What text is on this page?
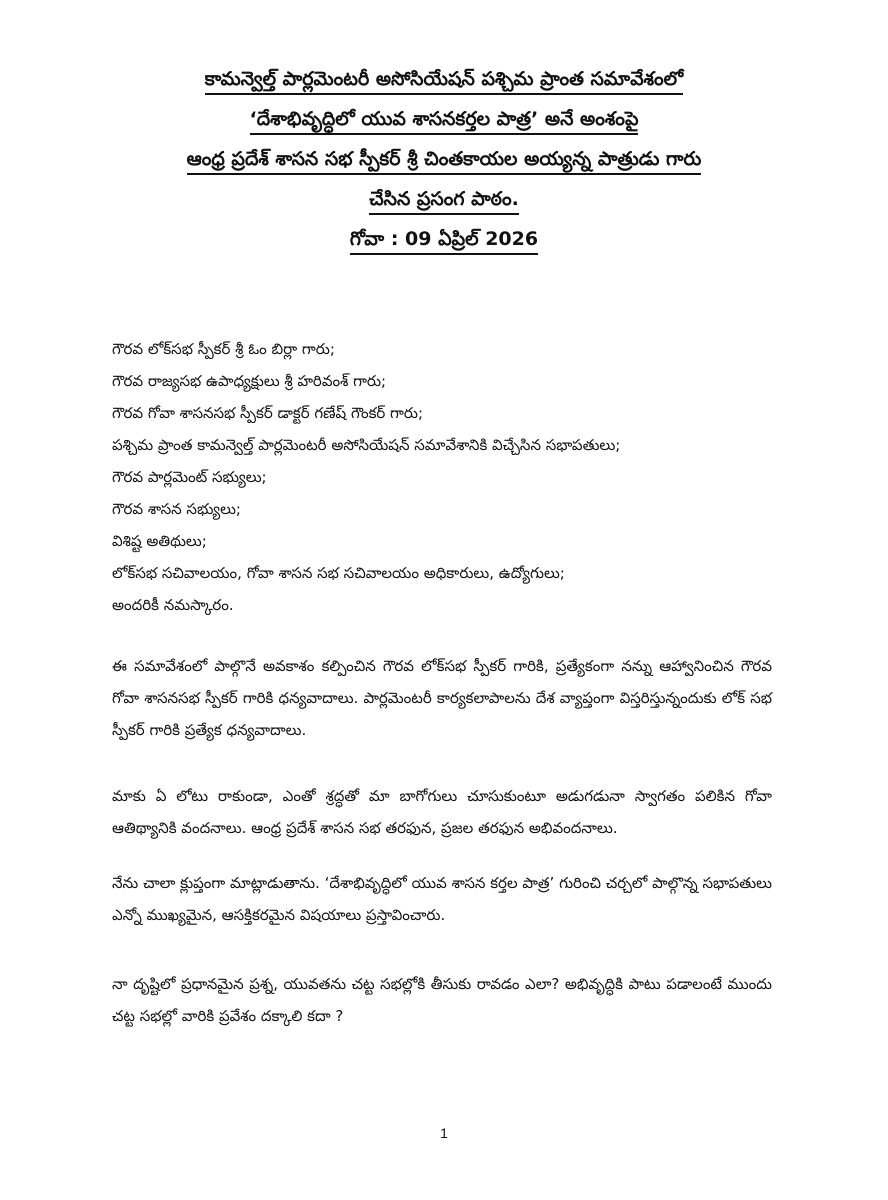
కామన్వెల్త్ పార్లమెంటరీ అసోసియేషన్ పశ్చిమ ప్రాంత సమావేశంలో
‘దేశాభివృద్ధిలో యువ శాసనకర్తల పాత్ర’ అనే అంశంపై
ఆంధ్ర ప్రదేశ్ శాసన సభ స్పీకర్ శ్రీ చింతకాయల అయ్యన్న పాత్రుడు గారు
చేసిన ప్రసంగ పాఠం.
గోవా : 09 ఏప్రిల్ 2026
గౌరవ లోక్‌సభ స్పీకర్ శ్రీ ఓం బిర్లా గారు;
గౌరవ రాజ్యసభ ఉపాధ్యక్షులు శ్రీ హరివంశ్ గారు;
గౌరవ గోవా శాసనసభ స్పీకర్ డాక్టర్ గణేష్ గౌంకర్ గారు;
పశ్చిమ ప్రాంత కామన్వెల్త్ పార్లమెంటరీ అసోసియేషన్ సమావేశానికి విచ్చేసిన సభాపతులు;
గౌరవ పార్లమెంట్ సభ్యులు;
గౌరవ శాసన సభ్యులు;
విశిష్ట అతిథులు;
లోక్‌సభ సచివాలయం, గోవా శాసన సభ సచివాలయం అధికారులు, ఉద్యోగులు;
అందరికీ నమస్కారం.
ఈ సమావేశంలో పాల్గొనే అవకాశం కల్పించిన గౌరవ లోక్‌సభ స్పీకర్ గారికి, ప్రత్యేకంగా నన్ను ఆహ్వానించిన గౌరవ గోవా శాసనసభ స్పీకర్ గారికి ధన్యవాదాలు. పార్లమెంటరీ కార్యకలాపాలను దేశ వ్యాప్తంగా విస్తరిస్తున్నందుకు లోక్ సభ స్పీకర్ గారికి ప్రత్యేక ధన్యవాదాలు.
మాకు ఏ లోటు రాకుండా, ఎంతో శ్రద్ధతో మా బాగోగులు చూసుకుంటూ అడుగడునా స్వాగతం పలికిన గోవా ఆతిథ్యానికి వందనాలు. ఆంధ్ర ప్రదేశ్ శాసన సభ తరఫున, ప్రజల తరఫున అభివందనాలు.
నేను చాలా క్లుప్తంగా మాట్లాడుతాను. ‘దేశాభివృద్ధిలో యువ శాసన కర్తల పాత్ర’ గురించి చర్చలో పాల్గొన్న సభాపతులు ఎన్నో ముఖ్యమైన, ఆసక్తికరమైన విషయాలు ప్రస్తావించారు.
నా దృష్టిలో ప్రధానమైన ప్రశ్న, యువతను చట్ట సభల్లోకి తీసుకు రావడం ఎలా? అభివృద్ధికి పాటు పడాలంటే ముందు చట్ట సభల్లో వారికి ప్రవేశం దక్కాలి కదా ?
1
